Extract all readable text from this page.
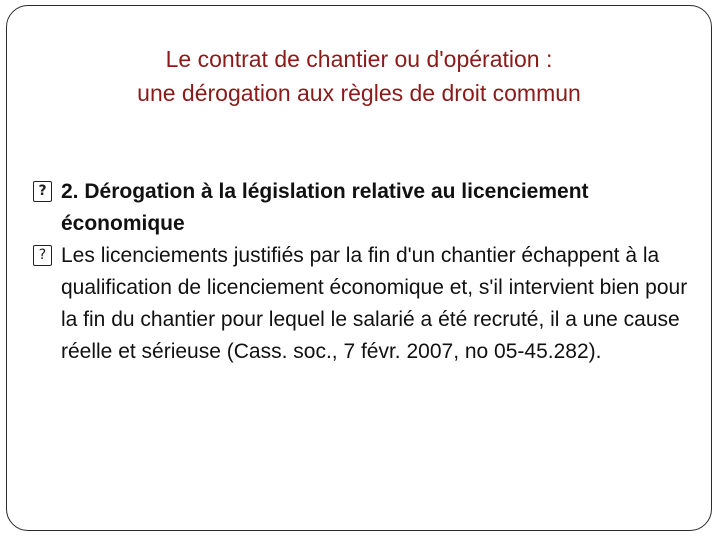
Le contrat de chantier ou d'opération :
une dérogation aux règles de droit commun

? 2. Dérogation à la législation relative au licenciement économique

? Les licenciements justifiés par la fin d'un chantier échappent à la qualification de licenciement économique et, s'il intervient bien pour la fin du chantier pour lequel le salarié a été recruté, il a une cause réelle et sérieuse (Cass. soc., 7 févr. 2007, no 05-45.282).
